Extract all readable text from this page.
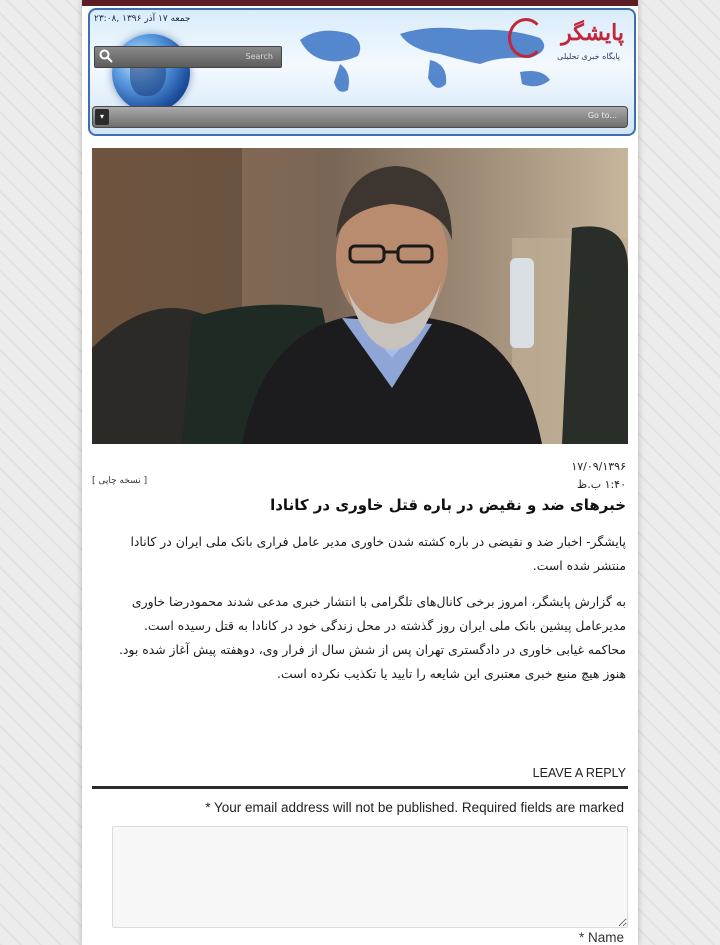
جمعه ۱۷ آذر ۱۳۹۶ ,۲۳:۰۸
Search
پایشگر
پایگاه خبری تحلیلی
▾	Go to...
۱۷/۰۹/۱۳۹۶
۱:۴۰ ب.ظ
[ نسخه چاپی ]
خبرهای ضد و نقیض در باره قتل خاوری در کانادا

پایشگر- اخبار ضد و نقیضی در باره کشته شدن خاوری مدیر عامل فراری بانک ملی ایران در کانادا منتشر شده است.

به گزارش پایشگر، امروز برخی کانال‌های تلگرامی با انتشار خبری مدعی شدند محمودرضا خاوری مدیرعامل پیشین بانک ملی ایران روز گذشته در محل زندگی خود در کانادا به قتل رسیده است.

محاکمه غیابی خاوری در دادگستری تهران پس از شش سال از فرار وی، دوهفته پیش آغاز شده بود.

هنوز هیچ منبع خبری معتبری این شایعه را تایید یا تکذیب نکرده است.

LEAVE A REPLY
* Your email address will not be published. Required fields are marked
* Name
